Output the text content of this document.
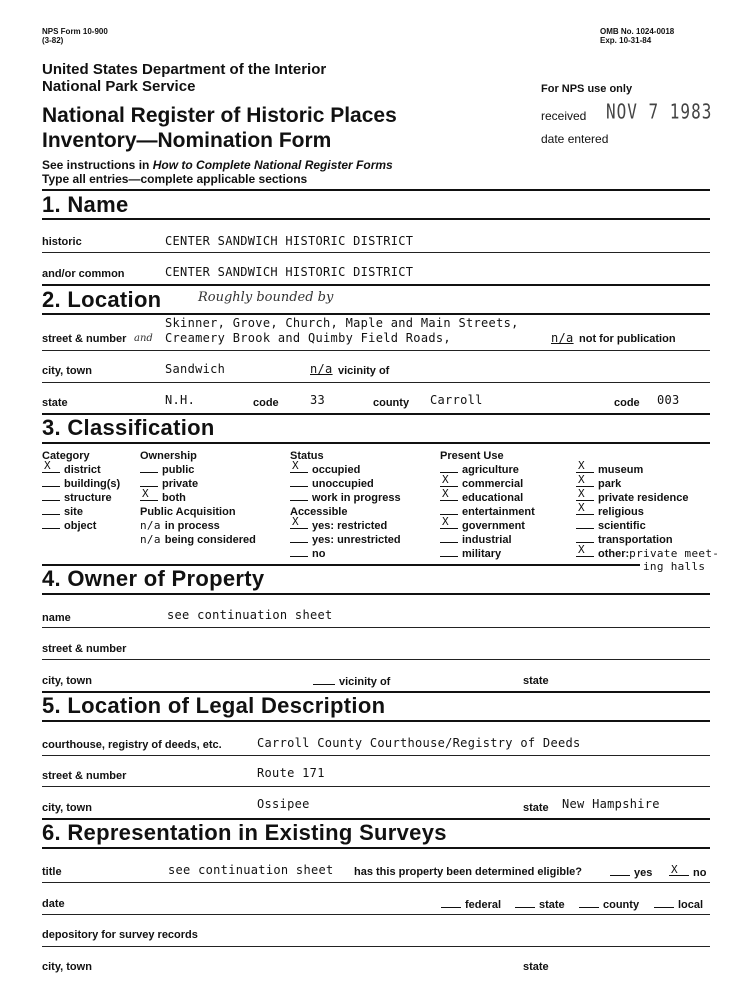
NPS Form 10-900
(3-82)
OMB No. 1024-0018
Exp. 10-31-84
United States Department of the Interior
National Park Service
National Register of Historic Places
Inventory—Nomination Form
See instructions in How to Complete National Register Forms
Type all entries—complete applicable sections
For NPS use only
received NOV 7 1983
date entered
1. Name
historic	CENTER SANDWICH HISTORIC DISTRICT
and/or common	CENTER SANDWICH HISTORIC DISTRICT
2. Location	Roughly bounded by
street & number
Skinner, Grove, Church, Maple and Main Streets,
and Creamery Brook and Quimby Field Roads,	n/a not for publication
city, town	Sandwich	n/a vicinity of
state	N.H.	code	33	county Carroll	code 003
3. Classification
Category
X district
building(s)
structure
site
object
Ownership
public
private
X both
Public Acquisition
n/a in process
n/a being considered
Status
X occupied
unoccupied
work in progress
Accessible
X yes: restricted
yes: unrestricted
no
Present Use
agriculture
X commercial
X educational
entertainment
X government
industrial
military
X museum
X park
X private residence
X religious
scientific
transportation
X other:private meet-
ing halls
4. Owner of Property
name	see continuation sheet
street & number
city, town	vicinity of	state
5. Location of Legal Description
courthouse, registry of deeds, etc.	Carroll County Courthouse/Registry of Deeds
street & number	Route 171
city, town	Ossipee	state New Hampshire
6. Representation in Existing Surveys
title	see continuation sheet has this property been determined eligible?	yes X no
date	federal	state	county	local
depository for survey records
city, town	state
